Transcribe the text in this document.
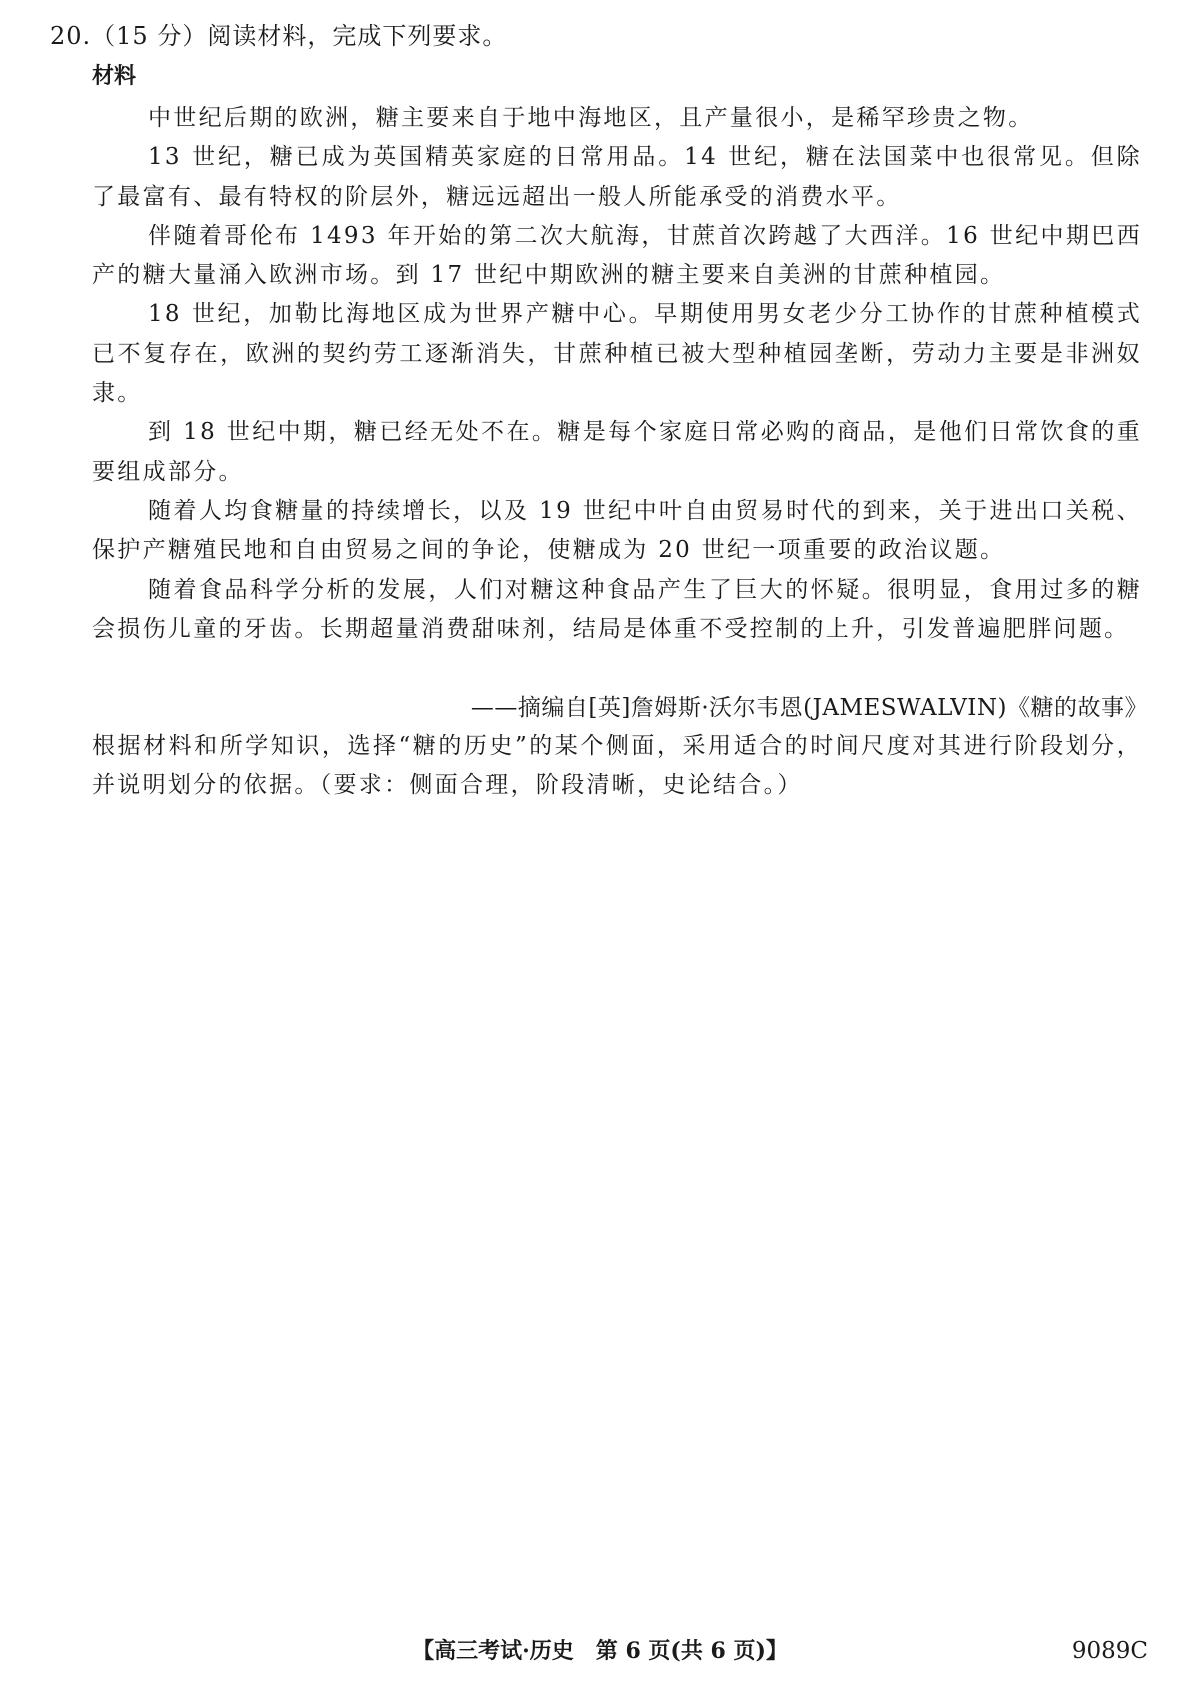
20.（15 分）阅读材料，完成下列要求。
材料

中世纪后期的欧洲，糖主要来自于地中海地区，且产量很小，是稀罕珍贵之物。

13 世纪，糖已成为英国精英家庭的日常用品。14 世纪，糖在法国菜中也很常见。但除了最富有、最有特权的阶层外，糖远远超出一般人所能承受的消费水平。

伴随着哥伦布 1493 年开始的第二次大航海，甘蔗首次跨越了大西洋。16 世纪中期巴西产的糖大量涌入欧洲市场。到 17 世纪中期欧洲的糖主要来自美洲的甘蔗种植园。

18 世纪，加勒比海地区成为世界产糖中心。早期使用男女老少分工协作的甘蔗种植模式已不复存在，欧洲的契约劳工逐渐消失，甘蔗种植已被大型种植园垄断，劳动力主要是非洲奴隶。

到 18 世纪中期，糖已经无处不在。糖是每个家庭日常必购的商品，是他们日常饮食的重要组成部分。

随着人均食糖量的持续增长，以及 19 世纪中叶自由贸易时代的到来，关于进出口关税、保护产糖殖民地和自由贸易之间的争论，使糖成为 20 世纪一项重要的政治议题。

随着食品科学分析的发展，人们对糖这种食品产生了巨大的怀疑。很明显，食用过多的糖会损伤儿童的牙齿。长期超量消费甜味剂，结局是体重不受控制的上升，引发普遍肥胖问题。

——摘编自[英]詹姆斯·沃尔韦恩(JAMESWALVIN)《糖的故事》

根据材料和所学知识，选择“糖的历史”的某个侧面，采用适合的时间尺度对其进行阶段划分，并说明划分的依据。（要求：侧面合理，阶段清晰，史论结合。）

【高三考试·历史　第 6 页(共 6 页)】	9089C
